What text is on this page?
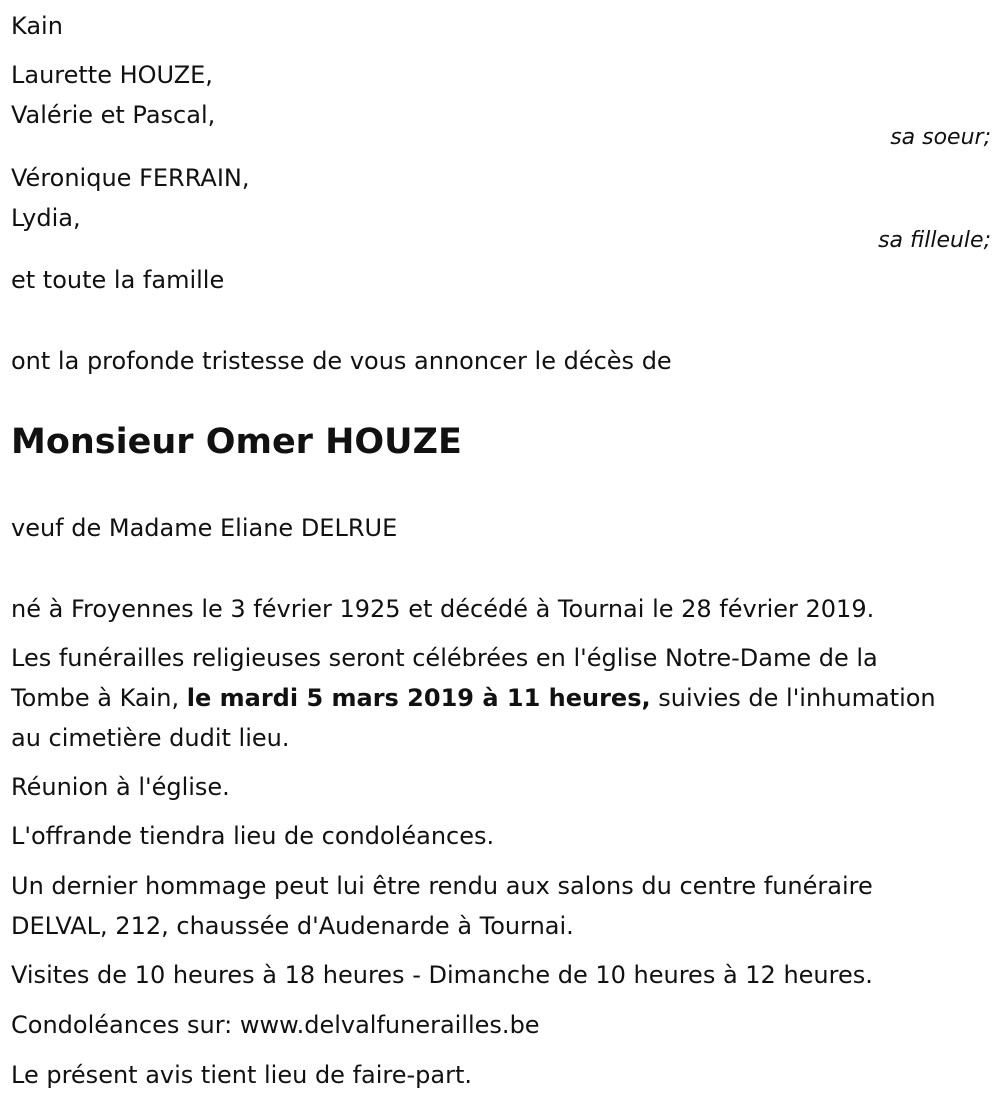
Kain

Laurette HOUZE,

Valérie et Pascal,

sa soeur;

Véronique FERRAIN,

Lydia,

sa filleule;

et toute la famille

ont la profonde tristesse de vous annoncer le décès de

Monsieur Omer HOUZE

veuf de Madame Eliane DELRUE

né à Froyennes le 3 février 1925 et décédé à Tournai le 28 février 2019.

Les funérailles religieuses seront célébrées en l'église Notre-Dame de la

Tombe à Kain, le mardi 5 mars 2019 à 11 heures, suivies de l'inhumation

au cimetière dudit lieu.

Réunion à l'église.

L'offrande tiendra lieu de condoléances.

Un dernier hommage peut lui être rendu aux salons du centre funéraire

DELVAL, 212, chaussée d'Audenarde à Tournai.

Visites de 10 heures à 18 heures - Dimanche de 10 heures à 12 heures.

Condoléances sur: www.delvalfunerailles.be

Le présent avis tient lieu de faire-part.
